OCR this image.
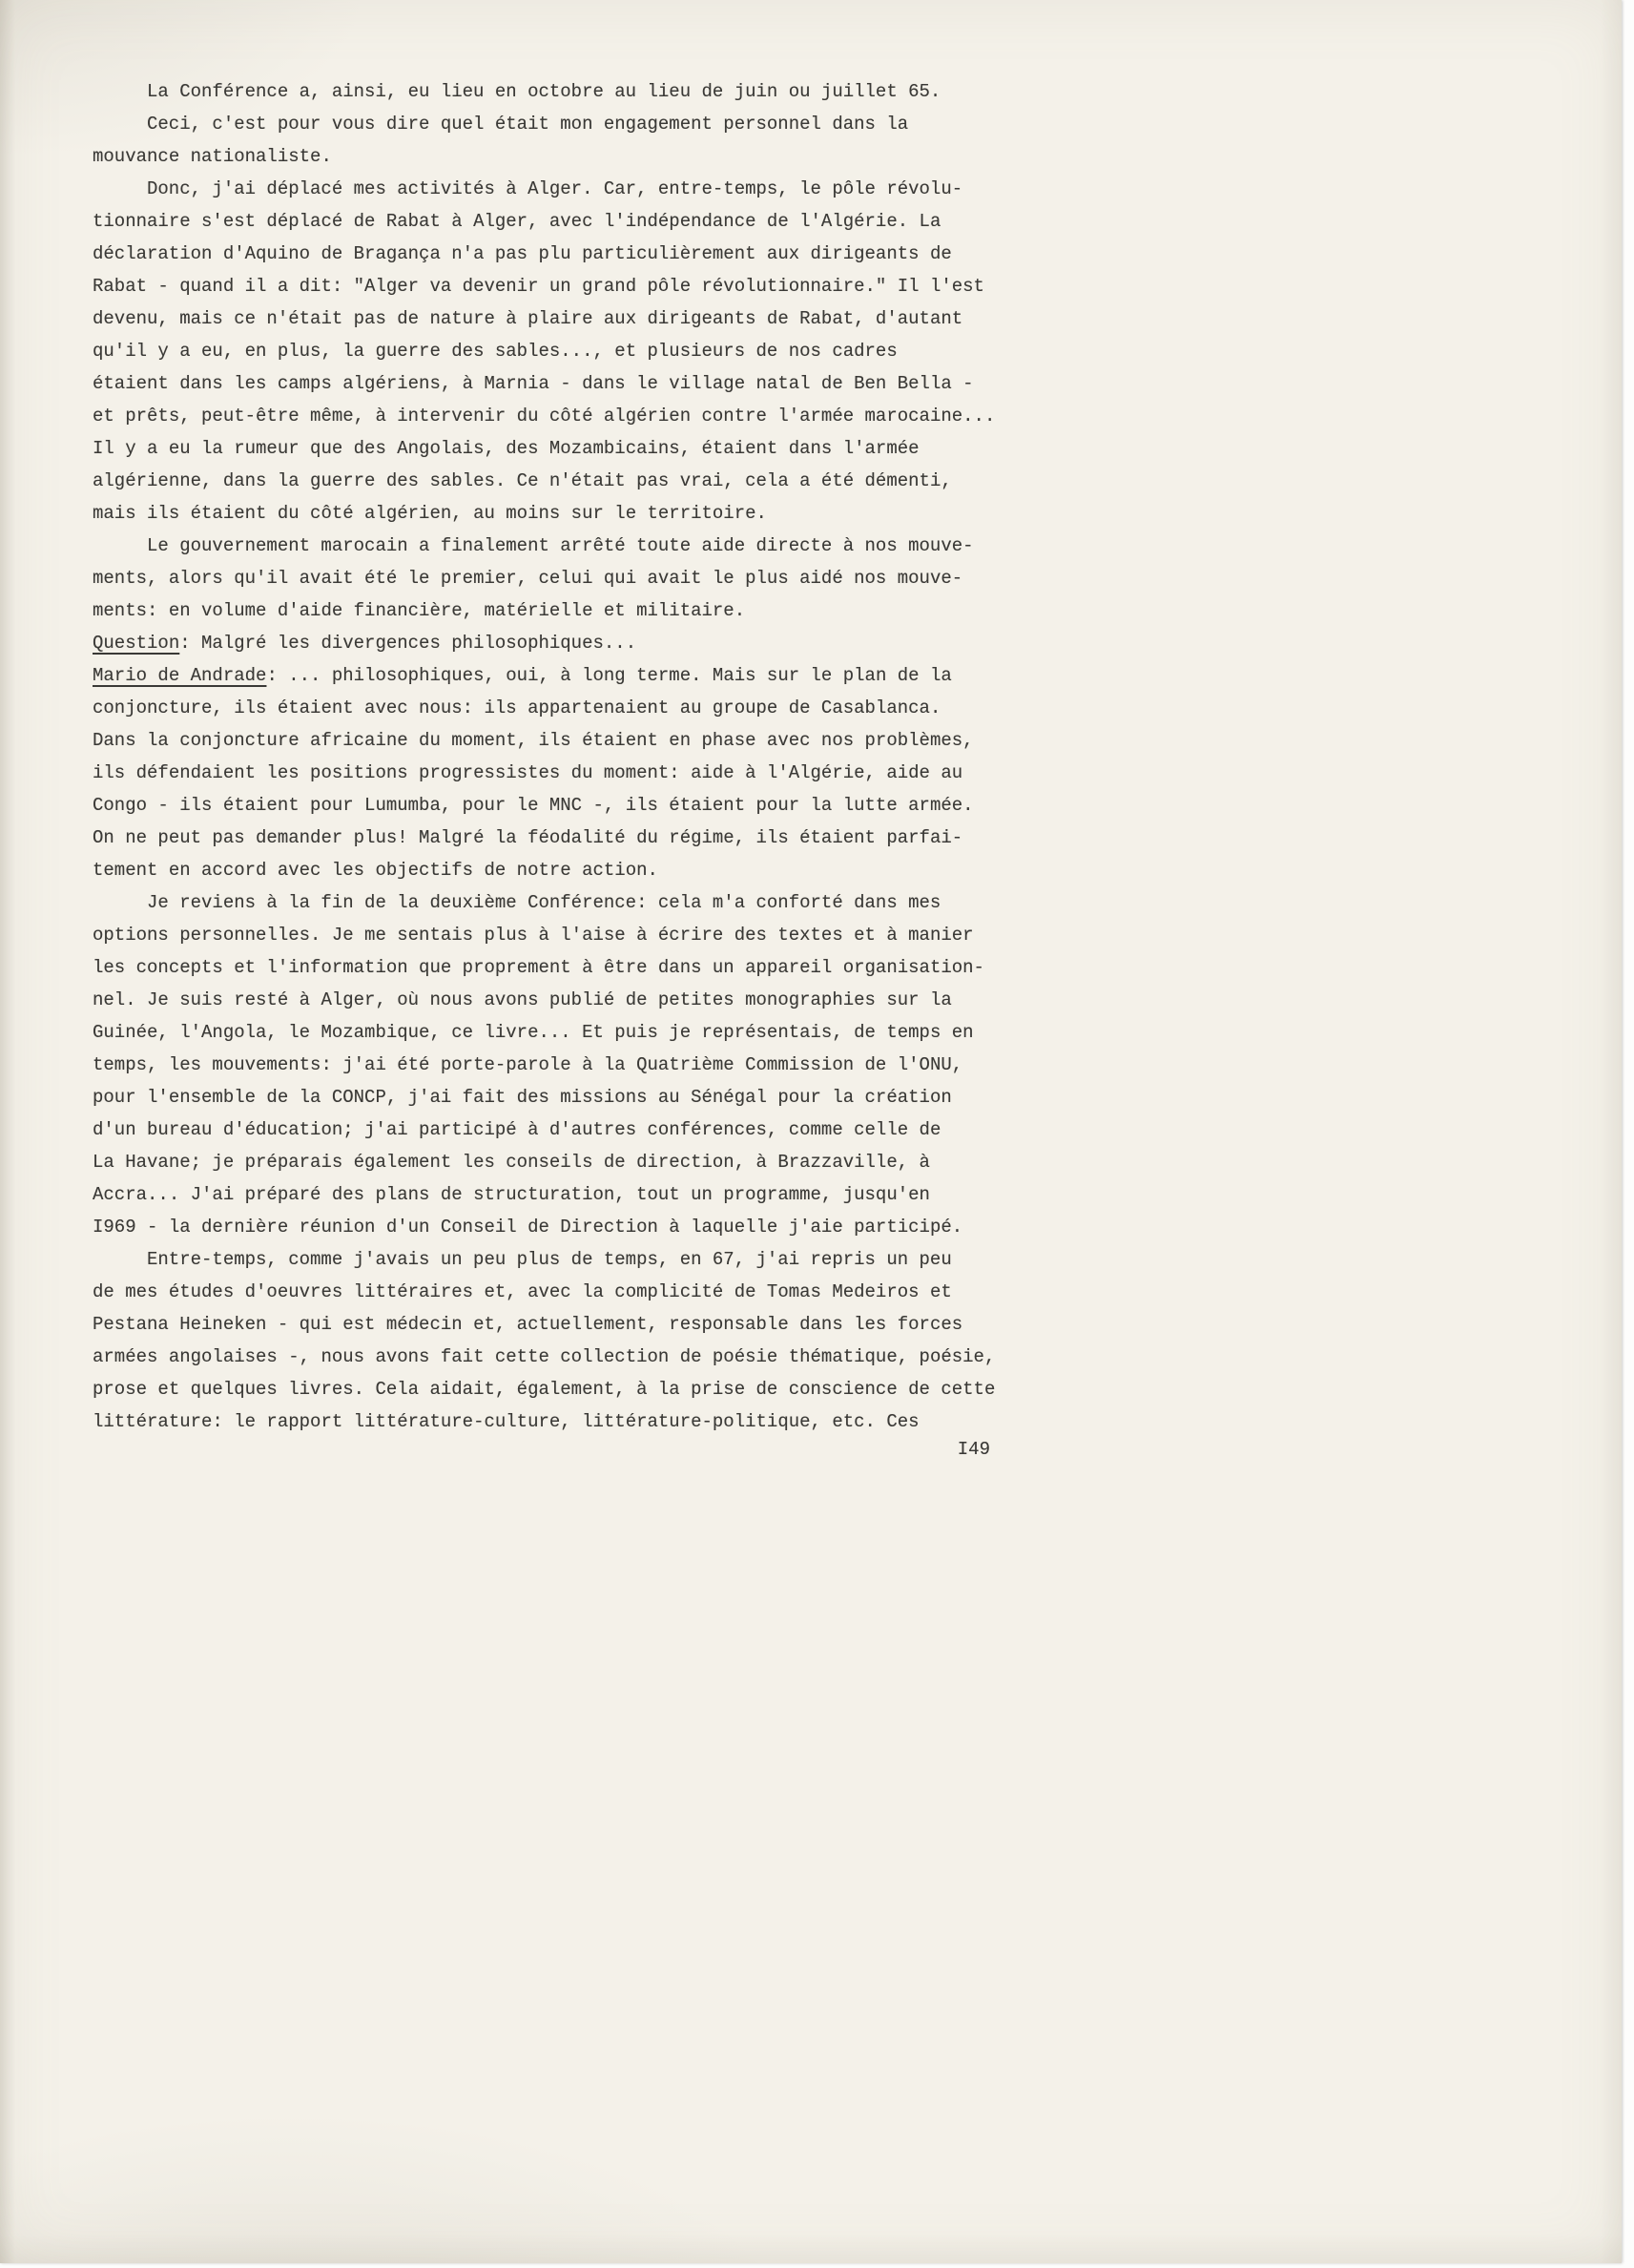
La Conférence a, ainsi, eu lieu en octobre au lieu de juin ou juillet 65.
Ceci, c'est pour vous dire quel était mon engagement personnel dans la
mouvance nationaliste.
Donc, j'ai déplacé mes activités à Alger. Car, entre-temps, le pôle révolu-
tionnaire s'est déplacé de Rabat à Alger, avec l'indépendance de l'Algérie. La
déclaration d'Aquino de Bragança n'a pas plu particulièrement aux dirigeants de
Rabat - quand il a dit: "Alger va devenir un grand pôle révolutionnaire." Il l'est
devenu, mais ce n'était pas de nature à plaire aux dirigeants de Rabat, d'autant
qu'il y a eu, en plus, la guerre des sables..., et plusieurs de nos cadres
étaient dans les camps algériens, à Marnia - dans le village natal de Ben Bella -
et prêts, peut-être même, à intervenir du côté algérien contre l'armée marocaine...
Il y a eu la rumeur que des Angolais, des Mozambicains, étaient dans l'armée
algérienne, dans la guerre des sables. Ce n'était pas vrai, cela a été démenti,
mais ils étaient du côté algérien, au moins sur le territoire.
Le gouvernement marocain a finalement arrêté toute aide directe à nos mouve-
ments, alors qu'il avait été le premier, celui qui avait le plus aidé nos mouve-
ments: en volume d'aide financière, matérielle et militaire.
Question: Malgré les divergences philosophiques...
Mario de Andrade: ... philosophiques, oui, à long terme. Mais sur le plan de la
conjoncture, ils étaient avec nous: ils appartenaient au groupe de Casablanca.
Dans la conjoncture africaine du moment, ils étaient en phase avec nos problèmes,
ils défendaient les positions progressistes du moment: aide à l'Algérie, aide au
Congo - ils étaient pour Lumumba, pour le MNC -, ils étaient pour la lutte armée.
On ne peut pas demander plus! Malgré la féodalité du régime, ils étaient parfai-
tement en accord avec les objectifs de notre action.
Je reviens à la fin de la deuxième Conférence: cela m'a conforté dans mes
options personnelles. Je me sentais plus à l'aise à écrire des textes et à manier
les concepts et l'information que proprement à être dans un appareil organisation-
nel. Je suis resté à Alger, où nous avons publié de petites monographies sur la
Guinée, l'Angola, le Mozambique, ce livre... Et puis je représentais, de temps en
temps, les mouvements: j'ai été porte-parole à la Quatrième Commission de l'ONU,
pour l'ensemble de la CONCP, j'ai fait des missions au Sénégal pour la création
d'un bureau d'éducation; j'ai participé à d'autres conférences, comme celle de
La Havane; je préparais également les conseils de direction, à Brazzaville, à
Accra... J'ai préparé des plans de structuration, tout un programme, jusqu'en
I969 - la dernière réunion d'un Conseil de Direction à laquelle j'aie participé.
Entre-temps, comme j'avais un peu plus de temps, en 67, j'ai repris un peu
de mes études d'oeuvres littéraires et, avec la complicité de Tomas Medeiros et
Pestana Heineken - qui est médecin et, actuellement, responsable dans les forces
armées angolaises -, nous avons fait cette collection de poésie thématique, poésie,
prose et quelques livres. Cela aidait, également, à la prise de conscience de cette
littérature: le rapport littérature-culture, littérature-politique, etc. Ces
I49
